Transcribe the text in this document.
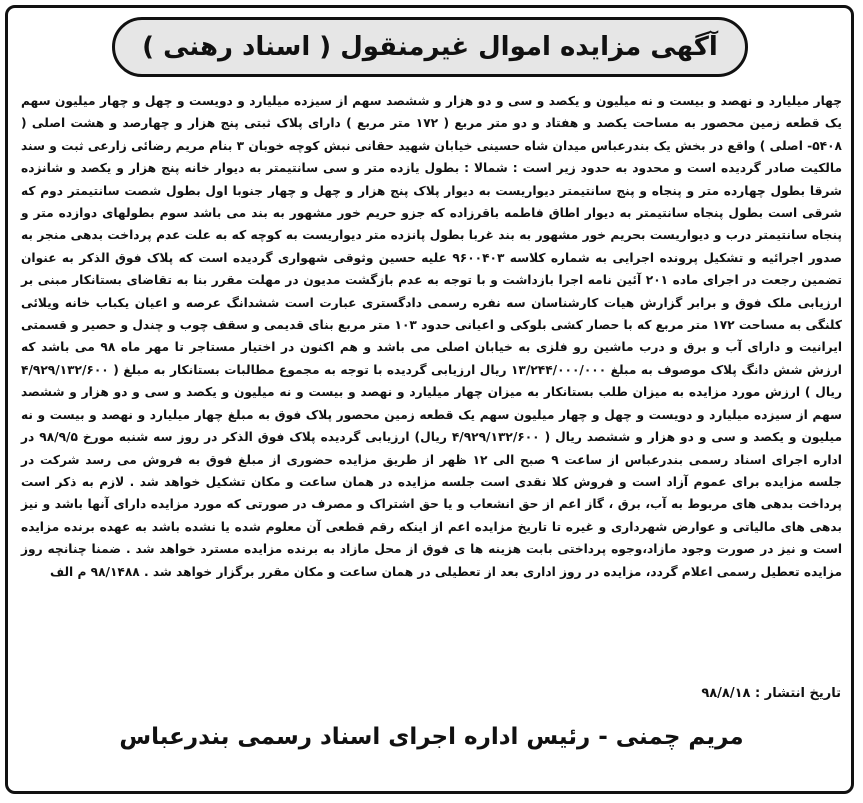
آگهی مزایده اموال غیرمنقول ( اسناد رهنی )
چهار میلیارد و نهصد و بیست و نه میلیون و یکصد و سی و دو هزار و ششصد سهم از سیزده میلیارد و دویست و چهل و چهار میلیون سهم یک قطعه زمین محصور به مساحت یکصد و هفتاد و دو متر مربع ( ۱۷۲ متر مربع ) دارای پلاک ثبتی پنج هزار و چهارصد و هشت اصلی ( ۵۴۰۸- اصلی ) واقع در بخش یک بندرعباس میدان شاه حسینی خیابان شهید حقانی نبش کوچه خوبان ۳ بنام مریم رضائی زارعی ثبت و سند مالکیت صادر گردیده است و محدود به حدود زیر است : شمالا : بطول یازده متر و سی سانتیمتر به دیوار خانه پنج هزار و یکصد و شانزده شرقا بطول چهارده متر و پنجاه و پنج سانتیمتر دیواریست به دیوار پلاک پنج هزار و چهل و چهار جنوبا اول بطول شصت سانتیمتر دوم که شرقی است بطول پنجاه سانتیمتر به دیوار اطاق فاطمه باقرزاده که جزو حریم خور مشهور به بند می باشد سوم بطولهای دوازده متر و پنجاه سانتیمتر درب و دیواریست بحریم خور مشهور به بند غربا بطول پانزده متر دیواریست به کوچه که به علت عدم پرداخت بدهی منجر به صدور اجرائیه و تشکیل پرونده اجرایی به شماره کلاسه ۹۶۰۰۴۰۳ علیه حسین وثوقی شهواری گردیده است که پلاک فوق الذکر به عنوان تضمین رجعت در اجرای ماده ۲۰۱ آئین نامه اجرا بازداشت و با توجه به عدم بازگشت مدیون در مهلت مقرر بنا به تقاضای بستانکار مبنی بر ارزیابی ملک فوق و برابر گزارش هیات کارشناسان سه نفره رسمی دادگستری عبارت است ششدانگ عرصه و اعیان یکباب خانه ویلائی کلنگی به مساحت ۱۷۲ متر مربع که با حصار کشی بلوکی و اعیانی حدود ۱۰۳ متر مربع بنای قدیمی و سقف چوب و چندل و حصیر و قسمتی ایرانیت و دارای آب و برق و درب ماشین رو فلزی به خیابان اصلی می باشد و هم اکنون در اختیار مستاجر تا مهر ماه ۹۸ می باشد که ارزش شش دانگ پلاک موصوف به مبلغ ۱۳/۲۴۴/۰۰۰/۰۰۰ ریال ارزیابی گردیده با توجه به مجموع مطالبات بستانکار به مبلغ ( ۴/۹۲۹/۱۳۲/۶۰۰ ریال ) ارزش مورد مزایده به میزان طلب بستانکار به میزان چهار میلیارد و نهصد و بیست و نه میلیون و یکصد و سی و دو هزار و ششصد سهم از سیزده میلیارد و دویست و چهل و چهار میلیون سهم یک قطعه زمین محصور پلاک فوق به مبلغ چهار میلیارد و نهصد و بیست و نه میلیون و یکصد و سی و دو هزار و ششصد ریال ( ۴/۹۲۹/۱۳۲/۶۰۰ ریال) ارزیابی گردیده پلاک فوق الذکر در روز سه شنبه مورخ ۹۸/۹/۵ در اداره اجرای اسناد رسمی بندرعباس از ساعت ۹ صبح الی ۱۲ ظهر از طریق مزایده حضوری از مبلغ فوق به فروش می رسد شرکت در جلسه مزایده برای عموم آزاد است و فروش کلا نقدی است جلسه مزایده در همان ساعت و مکان تشکیل خواهد شد . لازم به ذکر است پرداخت بدهی های مربوط به آب، برق ، گاز اعم از حق انشعاب و یا حق اشتراک و مصرف در صورتی که مورد مزایده دارای آنها باشد و نیز بدهی های مالیاتی و عوارض شهرداری و غیره تا تاریخ مزایده اعم از اینکه رقم قطعی آن معلوم شده یا نشده باشد به عهده برنده مزایده است و نیز در صورت وجود مازاد،وجوه پرداختی بابت هزینه ها ی فوق از محل مازاد به برنده مزایده مسترد خواهد شد . ضمنا چنانچه روز مزایده تعطیل رسمی اعلام گردد، مزایده در روز اداری بعد از تعطیلی در همان ساعت و مکان مقرر برگزار خواهد شد . ۹۸/۱۴۸۸ م الف
تاریخ انتشار : ۹۸/۸/۱۸
مریم چمنی - رئیس اداره اجرای اسناد رسمی بندرعباس
